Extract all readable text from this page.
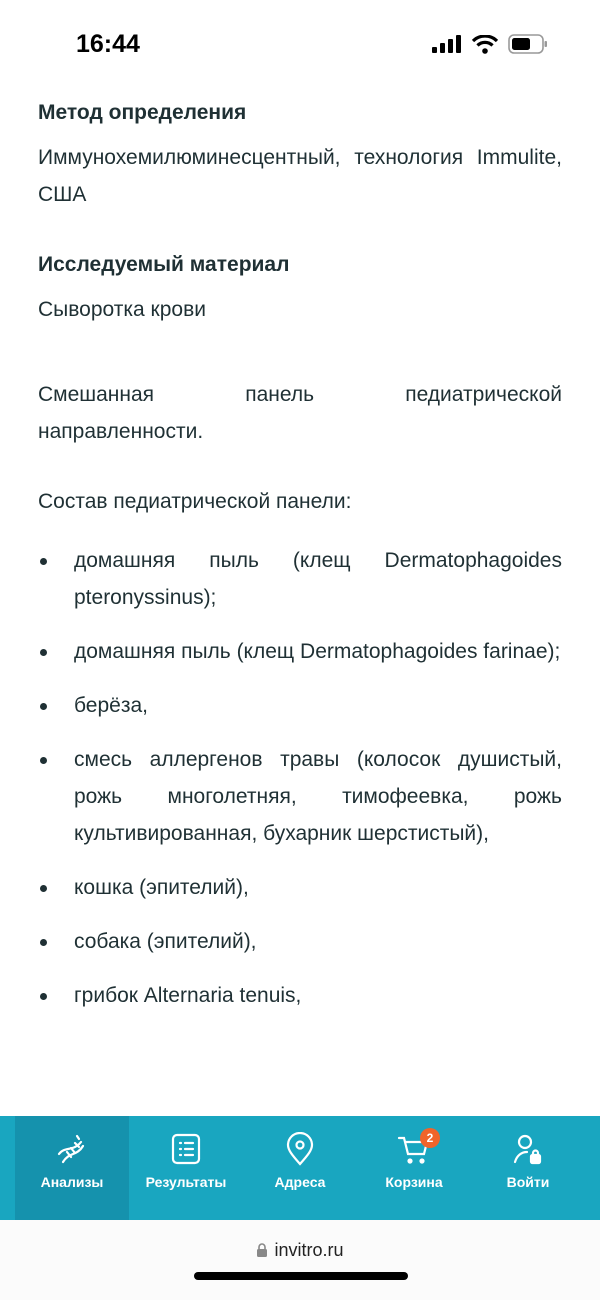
16:44
Метод определения

Иммунохемилюминесцентный, технология Immulite, США

Исследуемый материал

Сыворотка крови

Смешанная панель педиатрической направленности.

Состав педиатрической панели:

домашняя пыль (клещ Dermatophagoides pteronyssinus);
домашняя пыль (клещ Dermatophagoides farinae);
берёза,
смесь аллергенов травы (колосок душистый, рожь многолетняя, тимофеевка, рожь культивированная, бухарник шерстистый),
кошка (эпителий),
собака (эпителий),
грибок Alternaria tenuis,
Анализы	Результаты	Адреса
2
Корзина	Войти
invitro.ru
